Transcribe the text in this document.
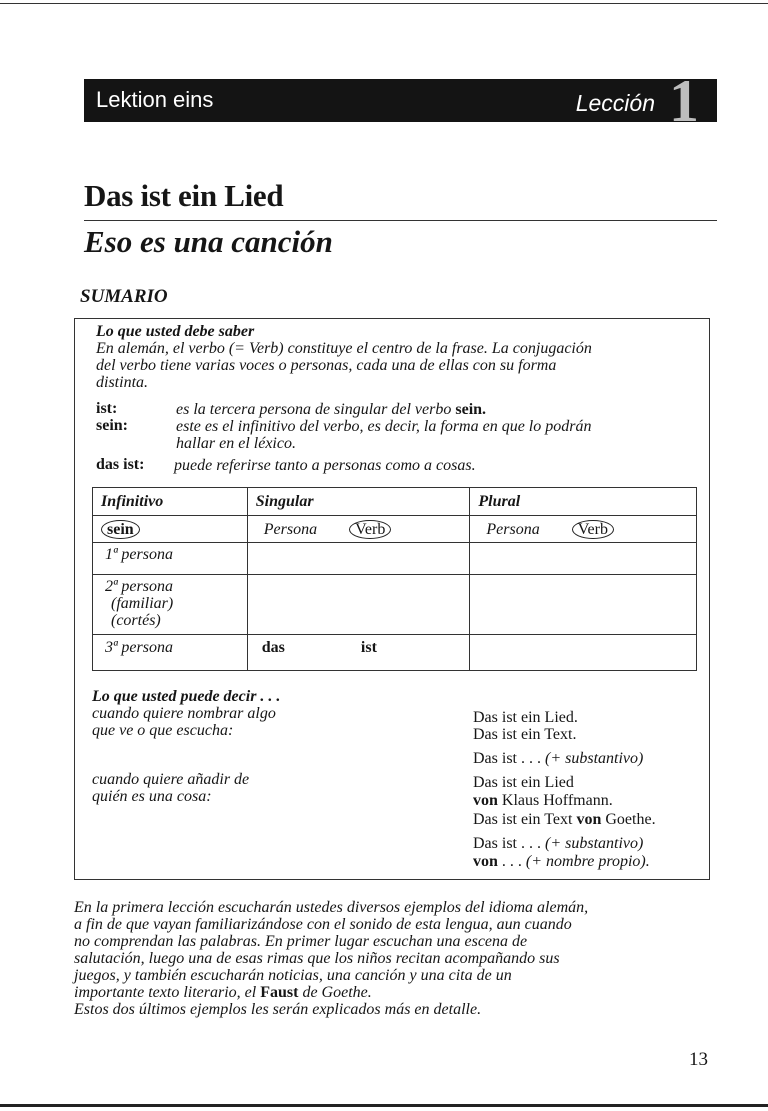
Lektion eins	Lección 1
Das ist ein Lied
Eso es una canción
SUMARIO
Lo que usted debe saber
En alemán, el verbo (= Verb) constituye el centro de la frase. La conjugación
del verbo tiene varias voces o personas, cada una de ellas con su forma
distinta.
ist:	es la tercera persona de singular del verbo sein.
sein:	este es el infinitivo del verbo, es decir, la forma en que lo podrán
hallar en el léxico.
das ist: puede referirse tanto a personas como a cosas.
Infinitivo	Singular	Plural
sein	Persona Verb	Persona Verb
1ª persona		

2ª persona
(familiar)
(cortés)		

3ª persona	das ist	
Lo que usted puede decir . . .
cuando quiere nombrar algo
que ve o que escucha:
cuando quiere añadir de
quién es una cosa:
Das ist ein Lied.
Das ist ein Text.
Das ist . . . (+ substantivo)
Das ist ein Lied
von Klaus Hoffmann.
Das ist ein Text von Goethe.
Das ist . . . (+ substantivo)
von . . . (+ nombre propio).
En la primera lección escucharán ustedes diversos ejemplos del idioma alemán,
a fin de que vayan familiarizándose con el sonido de esta lengua, aun cuando
no comprendan las palabras. En primer lugar escuchan una escena de
salutación, luego una de esas rimas que los niños recitan acompañando sus
juegos, y también escucharán noticias, una canción y una cita de un
importante texto literario, el Faust de Goethe.
Estos dos últimos ejemplos les serán explicados más en detalle.
13
